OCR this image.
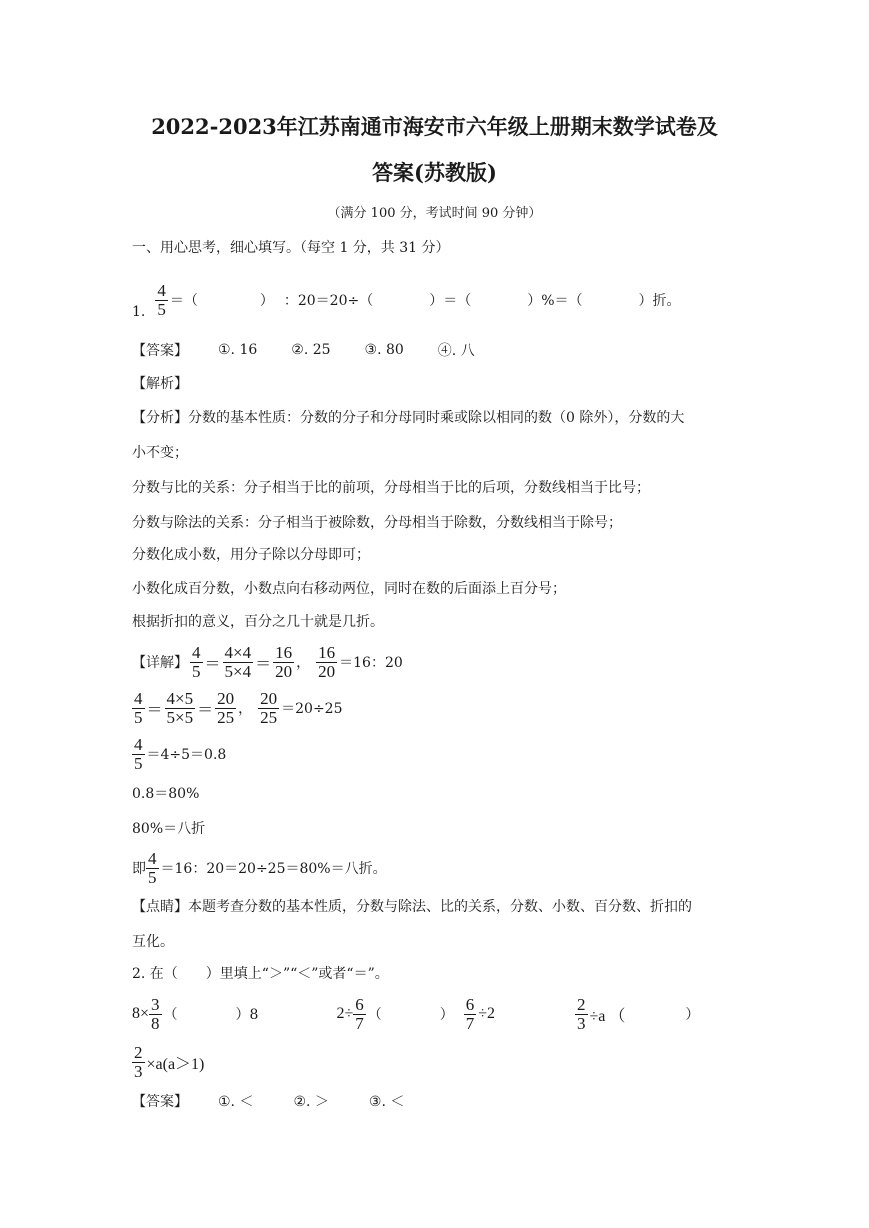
2022-2023年江苏南通市海安市六年级上册期末数学试卷及
答案(苏教版)
（满分 100 分，考试时间 90 分钟）
一、用心思考，细心填写。（每空 1 分，共 31 分）
1. $\frac{4}{5}$ ＝（	） ：20＝20÷（	）＝（	）%＝（	）折。
【答案】 ①. 16 ②. 25 ③. 80 ④. 八
【解析】
【分析】分数的基本性质：分数的分子和分母同时乘或除以相同的数（0 除外），分数的大
小不变；
分数与比的关系：分子相当于比的前项，分母相当于比的后项，分数线相当于比号；
分数与除法的关系：分子相当于被除数，分母相当于除数，分数线相当于除号；
分数化成小数，用分子除以分母即可；
小数化成百分数，小数点向右移动两位，同时在数的后面添上百分号；
根据折扣的意义，百分之几十就是几折。
【详解】 $\frac{4}{5} = \frac{4\times 4}{5\times 4} = \frac{16}{20}$ ， $\frac{16}{20} =16$：20
$\frac{4}{5} = \frac{4\times 5}{5\times 5} = \frac{20}{25}$ ， $\frac{20}{25} =20\div 25$
$\frac{4}{5} =4\div 5=0.8$
0.8＝80%
80%＝八折
即 $\frac{4}{5} =16$：20＝20÷25＝80%＝八折。
【点睛】本题考查分数的基本性质，分数与除法、比的关系，分数、小数、百分数、折扣的
互化。
2. 在（　　）里填上“＞”“＜”或者“＝”。
$8\times \frac{3}{8}$ （	）8	$2\div \frac{6}{7}$ （	） $\frac{6}{7} \div 2$	$\frac{2}{3} \div a$ （	）
$\frac{2}{3} \times a(a>1)$
【答案】 ①. ＜	②. ＞	③. ＜
